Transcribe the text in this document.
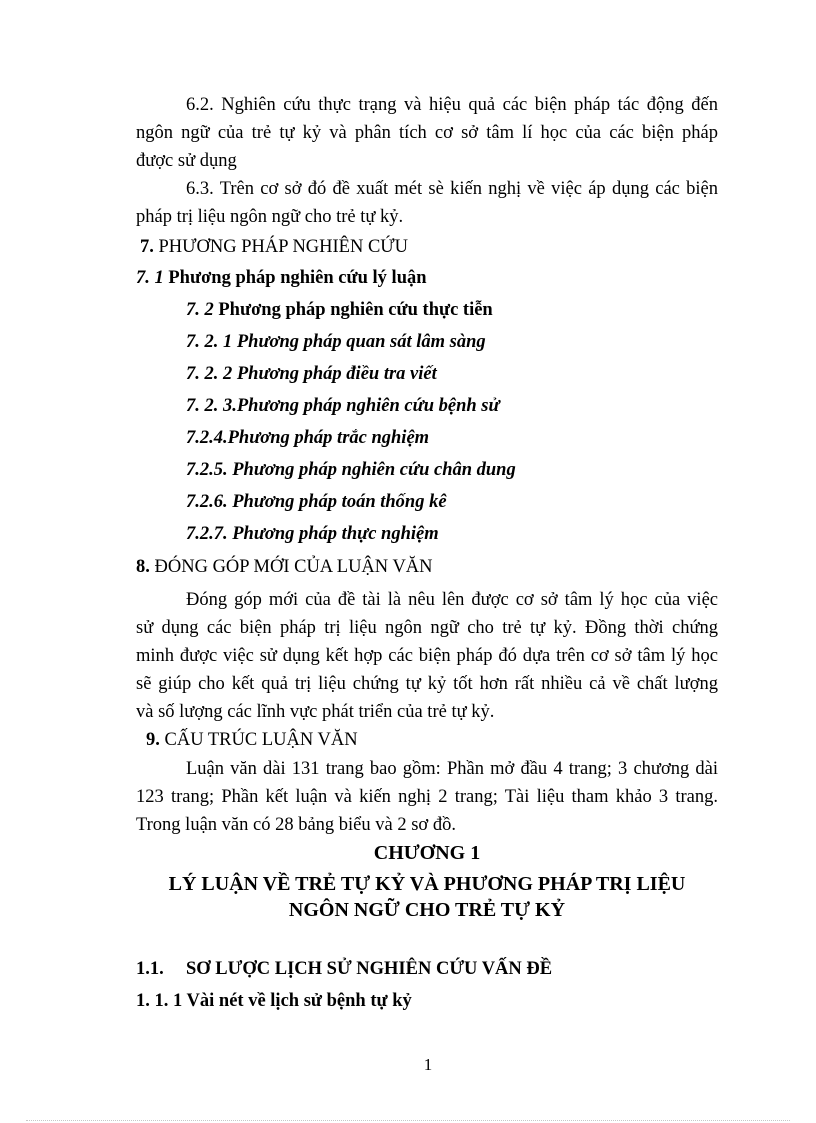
6.2. Nghiên cứu thực trạng và hiệu quả các biện pháp tác động đến
ngôn ngữ của trẻ tự kỷ và phân tích cơ sở tâm lí học của các biện pháp
được sử dụng
6.3. Trên cơ sở đó đề xuất mét sè kiến nghị về việc áp dụng các biện
pháp trị liệu ngôn ngữ cho trẻ tự kỷ.
7. PHƯƠNG PHÁP NGHIÊN CỨU
7. 1 Phương pháp nghiên cứu lý luận
7. 2 Phương pháp nghiên cứu thực tiễn
7. 2. 1 Phương pháp quan sát lâm sàng
7. 2. 2 Phương pháp điều tra viết
7. 2. 3.Phương pháp nghiên cứu bệnh sử
7.2.4.Phương pháp trắc nghiệm
7.2.5. Phương pháp nghiên cứu chân dung
7.2.6. Phương pháp toán thống kê
7.2.7. Phương pháp thực nghiệm
8. ĐÓNG GÓP MỚI CỦA LUẬN VĂN
Đóng góp mới của đề tài là nêu lên được cơ sở tâm lý học của việc
sử dụng các biện pháp trị liệu ngôn ngữ cho trẻ tự kỷ. Đồng thời chứng
minh được việc sử dụng kết hợp các biện pháp đó dựa trên cơ sở tâm lý học
sẽ giúp cho kết quả trị liệu chứng tự kỷ tốt hơn rất nhiều cả về chất lượng
và số lượng các lĩnh vực phát triển của trẻ tự kỷ.
9. CẤU TRÚC LUẬN VĂN
Luận văn dài 131 trang bao gồm: Phần mở đầu 4 trang; 3 chương dài
123 trang; Phần kết luận và kiến nghị 2 trang; Tài liệu tham khảo 3 trang.
Trong luận văn có 28 bảng biểu và 2 sơ đồ.
CHƯƠNG 1
LÝ LUẬN VỀ TRẺ TỰ KỶ VÀ PHƯƠNG PHÁP TRỊ LIỆU
NGÔN NGỮ CHO TRẺ TỰ KỶ
1.1. SƠ LƯỢC LỊCH SỬ NGHIÊN CỨU VẤN ĐỀ
1. 1. 1 Vài nét về lịch sử bệnh tự kỷ
1
